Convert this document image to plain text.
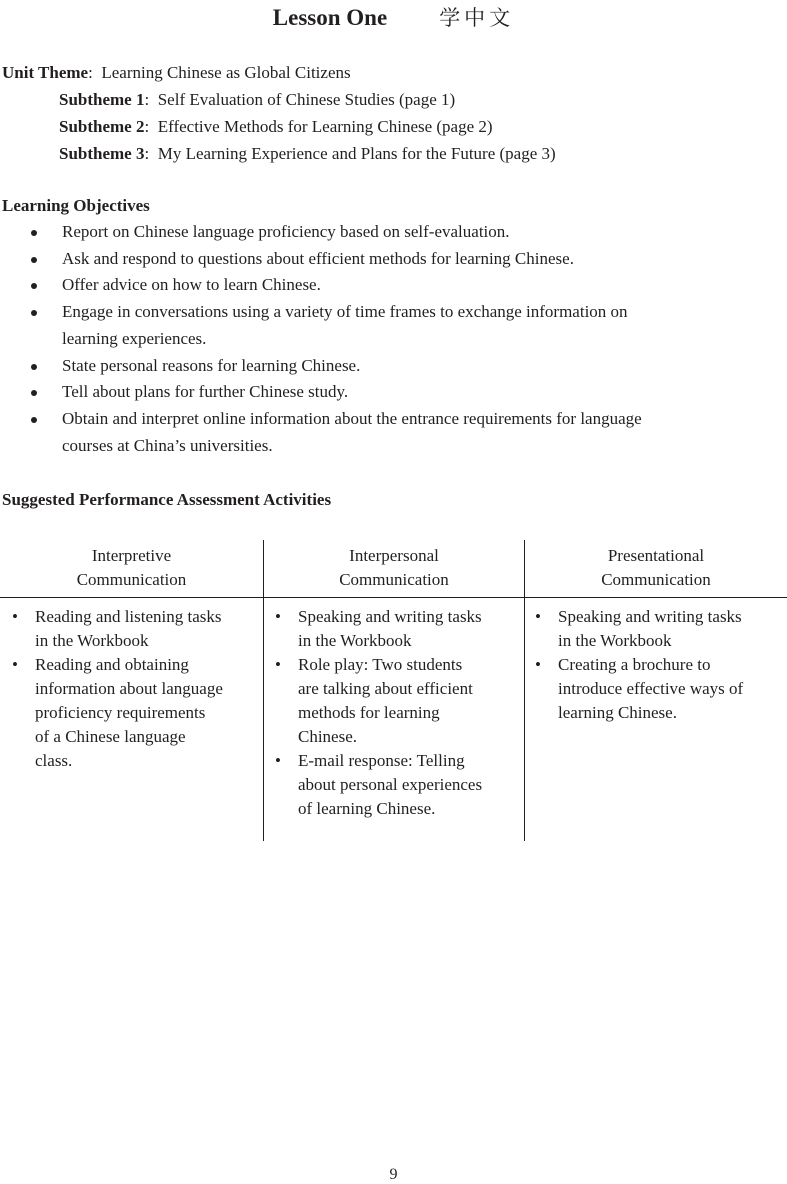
Lesson One 学中文
Unit Theme:  Learning Chinese as Global Citizens
Subtheme 1:  Self Evaluation of Chinese Studies (page 1)
Subtheme 2:  Effective Methods for Learning Chinese (page 2)
Subtheme 3:  My Learning Experience and Plans for the Future (page 3)
Learning Objectives
Report on Chinese language proficiency based on self-evaluation.
Ask and respond to questions about efficient methods for learning Chinese.
Offer advice on how to learn Chinese.
Engage in conversations using a variety of time frames to exchange information on
learning experiences.
State personal reasons for learning Chinese.
Tell about plans for further Chinese study.
Obtain and interpret online information about the entrance requirements for language
courses at China’s universities.
Suggested Performance Assessment Activities
Interpretive
Communication
• Reading and listening tasks
in the Workbook
• Reading and obtaining
information about language
proficiency requirements
of a Chinese language
class.
Interpersonal
Communication
• Speaking and writing tasks
in the Workbook
• Role play: Two students
are talking about efficient
methods for learning
Chinese.
• E-mail response: Telling
about personal experiences
of learning Chinese.
Presentational
Communication
• Speaking and writing tasks
in the Workbook
• Creating a brochure to
introduce effective ways of
learning Chinese.
9
